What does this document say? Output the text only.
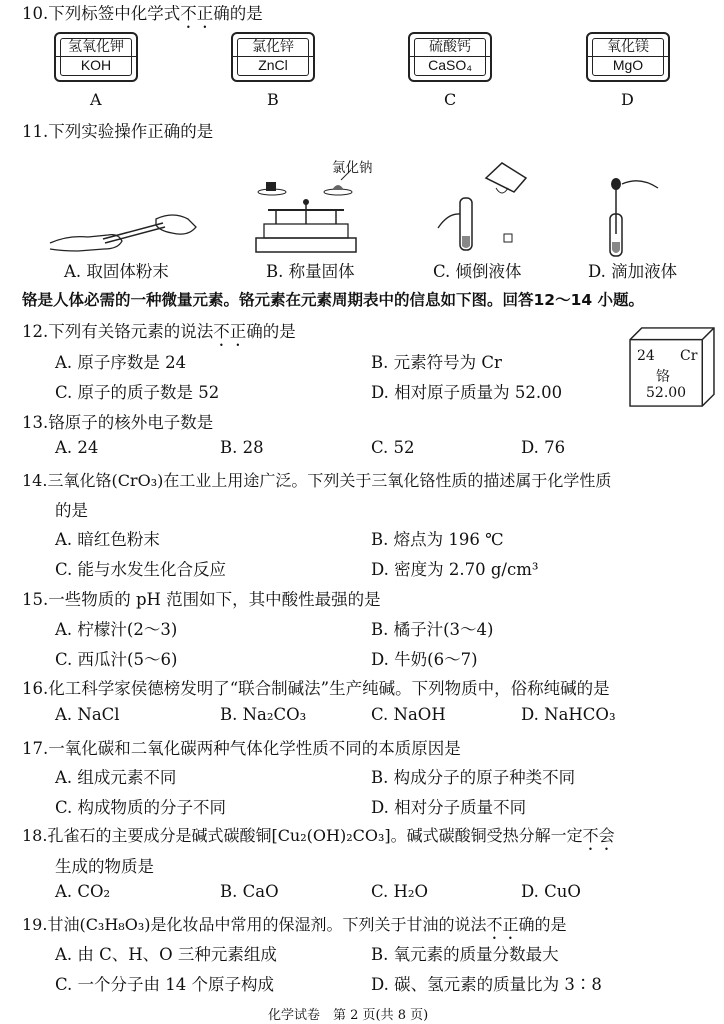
10.下列标签中化学式不正确的是
氢氧化钾
KOH
氯化锌
ZnCl
硫酸钙
CaSO₄
氧化镁
MgO
A	B	C	D
11.下列实验操作正确的是
氯化钠
A. 取固体粉末	B. 称量固体	C. 倾倒液体	D. 滴加液体
铬是人体必需的一种微量元素。铬元素在元素周期表中的信息如下图。回答12～14 小题。
12.下列有关铬元素的说法不正确的是
A. 原子序数是 24	B. 元素符号为 Cr
C. 原子的质子数是 52	D. 相对原子质量为 52.00
24 Cr
铬
52.00
13.铬原子的核外电子数是
A. 24	B. 28	C. 52	D. 76
14.三氧化铬(CrO₃)在工业上用途广泛。下列关于三氧化铬性质的描述属于化学性质
的是
A. 暗红色粉末	B. 熔点为 196 ℃
C. 能与水发生化合反应	D. 密度为 2.70 g/cm³
15.一些物质的 pH 范围如下，其中酸性最强的是
A. 柠檬汁(2～3)	B. 橘子汁(3～4)
C. 西瓜汁(5～6)	D. 牛奶(6～7)
16.化工科学家侯德榜发明了“联合制碱法”生产纯碱。下列物质中，俗称纯碱的是
A. NaCl	B. Na₂CO₃	C. NaOH	D. NaHCO₃
17.一氧化碳和二氧化碳两种气体化学性质不同的本质原因是
A. 组成元素不同	B. 构成分子的原子种类不同
C. 构成物质的分子不同	D. 相对分子质量不同
18.孔雀石的主要成分是碱式碳酸铜[Cu₂(OH)₂CO₃]。碱式碳酸铜受热分解一定不会
生成的物质是
A. CO₂	B. CaO	C. H₂O	D. CuO
19.甘油(C₃H₈O₃)是化妆品中常用的保湿剂。下列关于甘油的说法不正确的是
A. 由 C、H、O 三种元素组成	B. 氧元素的质量分数最大
C. 一个分子由 14 个原子构成	D. 碳、氢元素的质量比为 3∶8
化学试卷　第 2 页(共 8 页)
